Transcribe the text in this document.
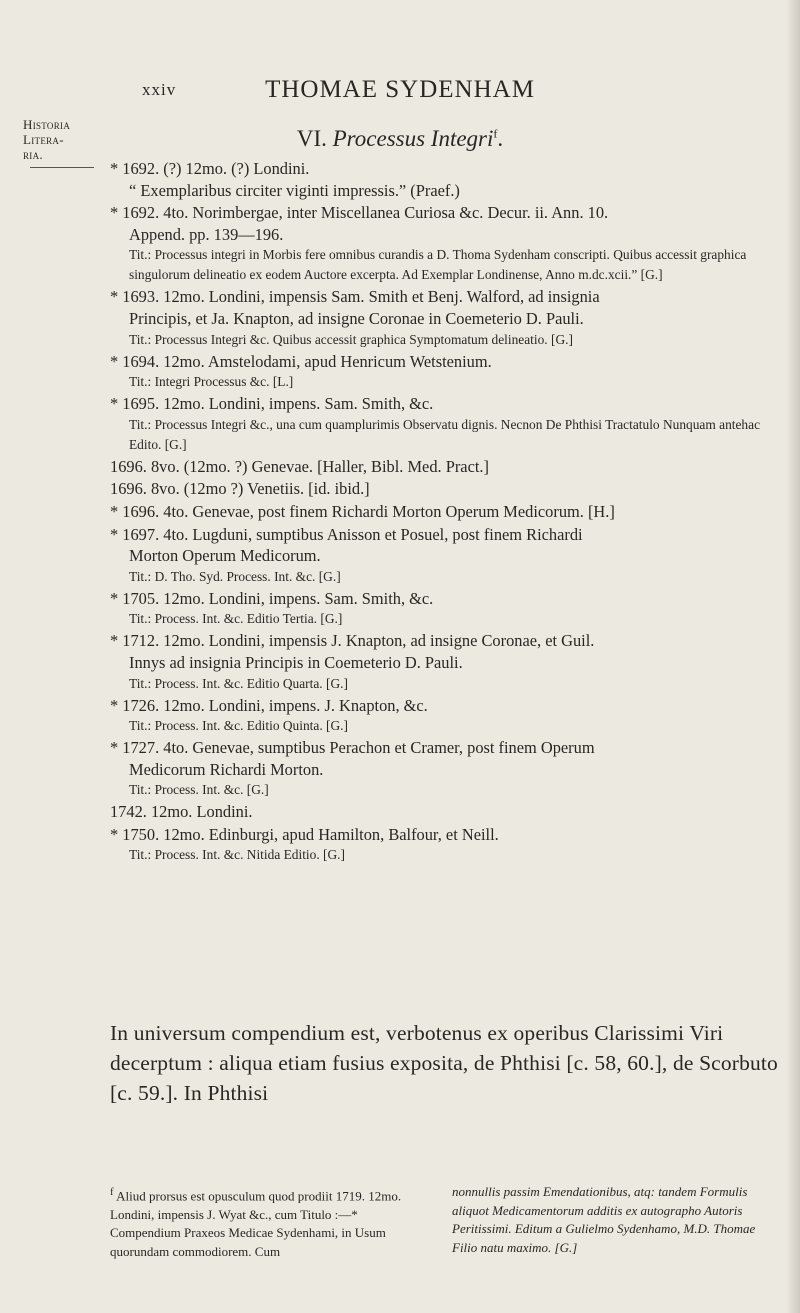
xxiv	THOMAE SYDENHAM
Historia
Litera-
ria.
VI. Processus Integri$^f$.
* 1692. (?) 12mo. (?) Londini.
“ Exemplaribus circiter viginti impressis.” (Praef.)
* 1692. 4to. Norimbergae, inter Miscellanea Curiosa &c. Decur. ii. Ann. 10.
Append. pp. 139—196.
Tit.: Processus integri in Morbis fere omnibus curandis a D. Thoma Sydenham conscripti. Quibus accessit graphica singulorum delineatio ex eodem Auctore excerpta. Ad Exemplar Londinense, Anno m.dc.xcii.” [G.]
* 1693. 12mo. Londini, impensis Sam. Smith et Benj. Walford, ad insignia
Principis, et Ja. Knapton, ad insigne Coronae in Coemeterio D. Pauli.
Tit.: Processus Integri &c. Quibus accessit graphica Symptomatum delineatio. [G.]
* 1694. 12mo. Amstelodami, apud Henricum Wetstenium.
Tit.: Integri Processus &c. [L.]
* 1695. 12mo. Londini, impens. Sam. Smith, &c.
Tit.: Processus Integri &c., una cum quamplurimis Observatu dignis. Necnon De Phthisi Tractatulo Nunquam antehac Edito. [G.]
1696. 8vo. (12mo. ?) Genevae. [Haller, Bibl. Med. Pract.]
1696. 8vo. (12mo ?) Venetiis. [id. ibid.]
* 1696. 4to. Genevae, post finem Richardi Morton Operum Medicorum. [H.]
* 1697. 4to. Lugduni, sumptibus Anisson et Posuel, post finem Richardi
Morton Operum Medicorum.
Tit.: D. Tho. Syd. Process. Int. &c. [G.]
* 1705. 12mo. Londini, impens. Sam. Smith, &c.
Tit.: Process. Int. &c. Editio Tertia. [G.]
* 1712. 12mo. Londini, impensis J. Knapton, ad insigne Coronae, et Guil.
Innys ad insignia Principis in Coemeterio D. Pauli.
Tit.: Process. Int. &c. Editio Quarta. [G.]
* 1726. 12mo. Londini, impens. J. Knapton, &c.
Tit.: Process. Int. &c. Editio Quinta. [G.]
* 1727. 4to. Genevae, sumptibus Perachon et Cramer, post finem Operum
Medicorum Richardi Morton.
Tit.: Process. Int. &c. [G.]
1742. 12mo. Londini.
* 1750. 12mo. Edinburgi, apud Hamilton, Balfour, et Neill.
Tit.: Process. Int. &c. Nitida Editio. [G.]
In universum compendium est, verbotenus ex operibus Clarissimi Viri decerptum : aliqua etiam fusius exposita, de Phthisi [c. 58, 60.], de Scorbuto [c. 59.]. In Phthisi
$^f$ Aliud prorsus est opusculum quod prodiit 1719. 12mo. Londini, impensis J. Wyat &c., cum Titulo :—* Compendium Praxeos Medicae Sydenhami, in Usum quorundam commodiorem. Cum
nonnullis passim Emendationibus, atq: tandem Formulis aliquot Medicamentorum additis ex autographo Autoris Peritissimi. Editum a Gulielmo Sydenhamo, M.D. Thomae Filio natu maximo. [G.]
